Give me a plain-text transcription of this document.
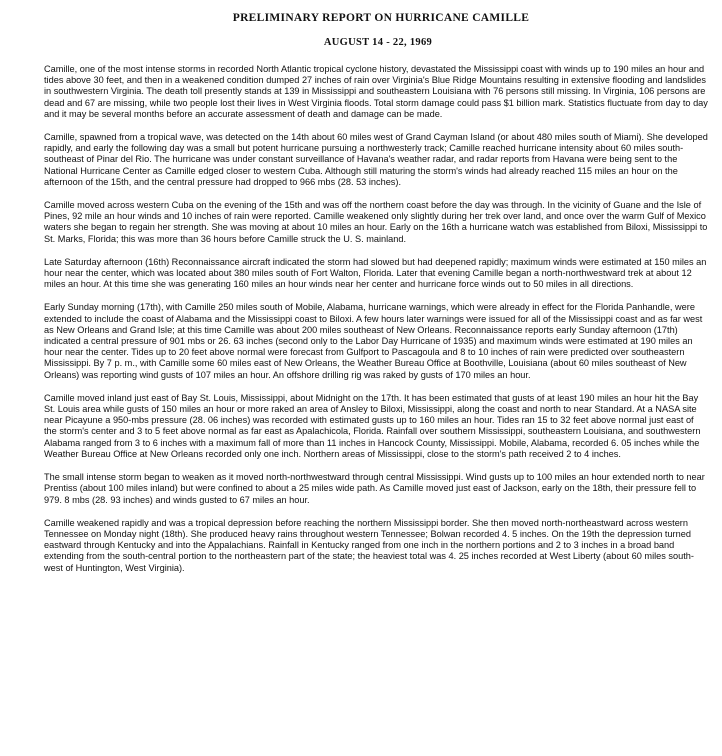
PRELIMINARY REPORT ON HURRICANE CAMILLE
AUGUST 14 - 22, 1969

Camille, one of the most intense storms in recorded North Atlantic tropical cyclone history, devastated the Mississippi coast with winds up to 190 miles an hour and tides above 30 feet, and then in a weakened condition dumped 27 inches of rain over Virginia's Blue Ridge Mountains resulting in extensive flooding and landslides in southwestern Virginia. The death toll presently stands at 139 in Mississippi and southeastern Louisiana with 76 persons still missing. In Virginia, 106 persons are dead and 67 are missing, while two people lost their lives in West Virginia floods. Total storm damage could pass $1 billion mark. Statistics fluctuate from day to day and it may be several months before an accurate assessment of death and damage can be made.

Camille, spawned from a tropical wave, was detected on the 14th about 60 miles west of Grand Cayman Island (or about 480 miles south of Miami). She developed rapidly, and early the following day was a small but potent hurricane pursuing a northwesterly track; Camille reached hurricane intensity about 60 miles south-southeast of Pinar del Rio. The hurricane was under constant surveillance of Havana's weather radar, and radar reports from Havana were being sent to the National Hurricane Center as Camille edged closer to western Cuba. Although still maturing the storm's winds had already reached 115 miles an hour on the afternoon of the 15th, and the central pressure had dropped to 966 mbs (28. 53 inches).

Camille moved across western Cuba on the evening of the 15th and was off the northern coast before the day was through. In the vicinity of Guane and the Isle of Pines, 92 mile an hour winds and 10 inches of rain were reported. Camille weakened only slightly during her trek over land, and once over the warm Gulf of Mexico waters she began to regain her strength. She was moving at about 10 miles an hour. Early on the 16th a hurricane watch was established from Biloxi, Mississippi to St. Marks, Florida; this was more than 36 hours before Camille struck the U. S. mainland.

Late Saturday afternoon (16th) Reconnaissance aircraft indicated the storm had slowed but had deepened rapidly; maximum winds were estimated at 150 miles an hour near the center, which was located about 380 miles south of Fort Walton, Florida. Later that evening Camille began a north-northwestward trek at about 12 miles an hour. At this time she was generating 160 miles an hour winds near her center and hurricane force winds out to 50 miles in all directions.

Early Sunday morning (17th), with Camille 250 miles south of Mobile, Alabama, hurricane warnings, which were already in effect for the Florida Panhandle, were extended to include the coast of Alabama and the Mississippi coast to Biloxi. A few hours later warnings were issued for all of the Mississippi coast and as far west as New Orleans and Grand Isle; at this time Camille was about 200 miles southeast of New Orleans. Reconnaissance reports early Sunday afternoon (17th) indicated a central pressure of 901 mbs or 26. 63 inches (second only to the Labor Day Hurricane of 1935) and maximum winds were estimated at 190 miles an hour near the center. Tides up to 20 feet above normal were forecast from Gulfport to Pascagoula and 8 to 10 inches of rain were predicted over southeastern Mississippi. By 7 p. m., with Camille some 60 miles east of New Orleans, the Weather Bureau Office at Boothville, Louisiana (about 60 miles southeast of New Orleans) was reporting wind gusts of 107 miles an hour. An offshore drilling rig was raked by gusts of 170 miles an hour.

Camille moved inland just east of Bay St. Louis, Mississippi, about Midnight on the 17th. It has been estimated that gusts of at least 190 miles an hour hit the Bay St. Louis area while gusts of 150 miles an hour or more raked an area of Ansley to Biloxi, Mississippi, along the coast and north to near Standard. At a NASA site near Picayune a 950-mbs pressure (28. 06 inches) was recorded with estimated gusts up to 160 miles an hour. Tides ran 15 to 32 feet above normal just east of the storm's center and 3 to 5 feet above normal as far east as Apalachicola, Florida. Rainfall over southern Mississippi, southeastern Louisiana, and southwestern Alabama ranged from 3 to 6 inches with a maximum fall of more than 11 inches in Hancock County, Mississippi. Mobile, Alabama, recorded 6. 05 inches while the Weather Bureau Office at New Orleans recorded only one inch. Northern areas of Mississippi, close to the storm's path received 2 to 4 inches.

The small intense storm began to weaken as it moved north-northwestward through central Mississippi. Wind gusts up to 100 miles an hour extended north to near Prentiss (about 100 miles inland) but were confined to about a 25 miles wide path. As Camille moved just east of Jackson, early on the 18th, their pressure fell to 979. 8 mbs (28. 93 inches) and winds gusted to 67 miles an hour.

Camille weakened rapidly and was a tropical depression before reaching the northern Mississippi border. She then moved north-northeastward across western Tennessee on Monday night (18th). She produced heavy rains throughout western Tennessee; Bolwan recorded 4. 5 inches. On the 19th the depression turned eastward through Kentucky and into the Appalachians. Rainfall in Kentucky ranged from one inch in the northern portions and 2 to 3 inches in a broad band extending from the south-central portion to the northeastern part of the state; the heaviest total was 4. 25 inches recorded at West Liberty (about 60 miles south-west of Huntington, West Virginia).
